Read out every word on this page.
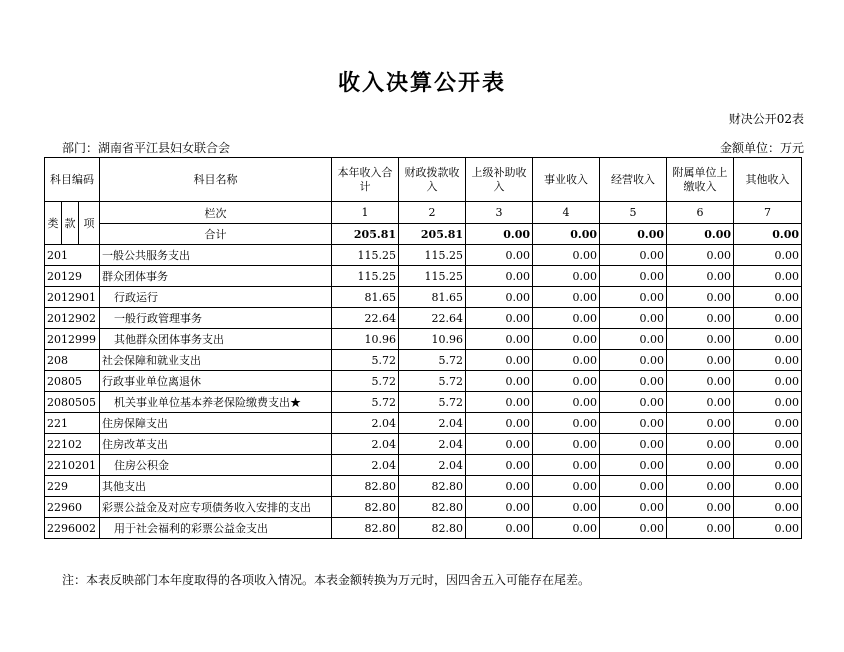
收入决算公开表
财决公开02表
部门：湖南省平江县妇女联合会	金额单位：万元
科目编码			科目名称	本年收入合计	财政拨款收入	上级补助收入	事业收入	经营收入	附属单位上缴收入	其他收入
类	款	项	栏次	1	2	3	4	5	6	7
			合计	205.81	205.81	0.00	0.00	0.00	0.00	0.00
201			一般公共服务支出	115.25	115.25	0.00	0.00	0.00	0.00	0.00
20129			群众团体事务	115.25	115.25	0.00	0.00	0.00	0.00	0.00
2012901			行政运行	81.65	81.65	0.00	0.00	0.00	0.00	0.00
2012902			一般行政管理事务	22.64	22.64	0.00	0.00	0.00	0.00	0.00
2012999			其他群众团体事务支出	10.96	10.96	0.00	0.00	0.00	0.00	0.00
208			社会保障和就业支出	5.72	5.72	0.00	0.00	0.00	0.00	0.00
20805			行政事业单位离退休	5.72	5.72	0.00	0.00	0.00	0.00	0.00
2080505			机关事业单位基本养老保险缴费支出★	5.72	5.72	0.00	0.00	0.00	0.00	0.00
221			住房保障支出	2.04	2.04	0.00	0.00	0.00	0.00	0.00
22102			住房改革支出	2.04	2.04	0.00	0.00	0.00	0.00	0.00
2210201			住房公积金	2.04	2.04	0.00	0.00	0.00	0.00	0.00
229			其他支出	82.80	82.80	0.00	0.00	0.00	0.00	0.00
22960			彩票公益金及对应专项债务收入安排的支出	82.80	82.80	0.00	0.00	0.00	0.00	0.00
2296002			用于社会福利的彩票公益金支出	82.80	82.80	0.00	0.00	0.00	0.00	0.00
注：本表反映部门本年度取得的各项收入情况。本表金额转换为万元时，因四舍五入可能存在尾差。
